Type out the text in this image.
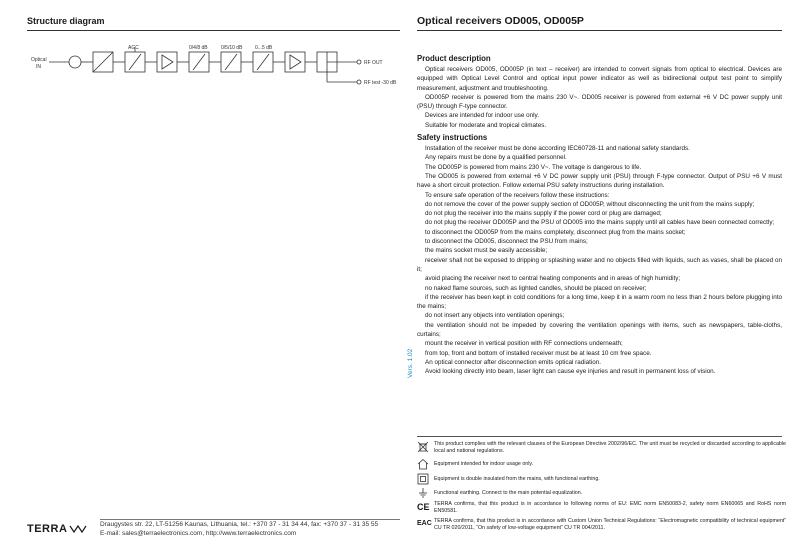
Structure diagram	Optical receivers OD005, OD005P
Optical
IN
AGC	0/4/8 dB	0/5/10 dB	0...5 dB
RF OUT
RF test -30 dB
Product description

Optical receivers OD005, OD005P (in text – receiver) are intended to convert signals from optical to electrical. Devices are equipped with Optical Level Control and optical input power indicator as well as bidirectional output test point to simplify measurement, adjustment and troubleshooting.

OD005P receiver is powered from the mains 230 V~. OD005 receiver is powered from external +6 V DC power supply unit (PSU) through F-type connector.

Devices are intended for indoor use only.

Suitable for moderate and tropical climates.

Safety instructions

Installation of the receiver must be done according IEC60728-11 and national safety standards.

Any repairs must be done by a qualified personnel.

The OD005P is powered from mains 230 V~. The voltage is dangerous to life.

The OD005 is powered from external +6 V DC power supply unit (PSU) through F-type connector. Output of PSU +6 V must have a short circuit protection. Follow external PSU safety instructions during installation.

To ensure safe operation of the receivers follow these instructions:

do not remove the cover of the power supply section of OD005P, without disconnecting the unit from the mains supply;

do not plug the receiver into the mains supply if the power cord or plug are damaged;

do not plug the receiver OD005P and the PSU of OD005 into the mains supply until all cables have been connected correctly;

to disconnect the OD005P from the mains completely, disconnect plug from the mains socket;

to disconnect the OD005, disconnect the PSU from mains;

the mains socket must be easily accessible;

receiver shall not be exposed to dripping or splashing water and no objects filled with liquids, such as vases, shall be placed on it;

avoid placing the receiver next to central heating components and in areas of high humidity;

no naked flame sources, such as lighted candles, should be placed on receiver;

if the receiver has been kept in cold conditions for a long time, keep it in a warm room no less than 2 hours before plugging into the mains;

do not insert any objects into ventilation openings;

the ventilation should not be impeded by covering the ventilation openings with items, such as newspapers, table-cloths, curtains;

mount the receiver in vertical position with RF connections underneath;

from top, front and bottom of installed receiver must be at least 10 cm free space.

An optical connector after disconnection emits optical radiation.

Avoid looking directly into beam, laser light can cause eye injuries and result in permanent loss of vision.

Vers. 1.02
This product complies with the relevant clauses of the European Directive 2002/96/EC. The unit must be recycled or discarded according to applicable local and national regulations.
Equipment intended for indoor usage only.
Equipment is double insulated from the mains, with functional earthing.
Functional earthing. Connect to the main potential equalization.
CE TERRA confirms, that this product is in accordance to following norms of EU: EMC norm EN50083-2, safety norm EN60065 and RoHS norm EN50581.
EAC TERRA confirms, that this product is in accordance with Custom Union Technical Regulations: “Electromagnetic compatibility of technical equipment” CU TR 020/2011, “On safety of low-voltage equipment” CU TR 004/2011.
TERRA	Draugystes str. 22, LT-51256 Kaunas, Lithuania, tel.: +370 37 - 31 34 44, fax: +370 37 - 31 35 55
E-mail: sales@terraelectronics.com, http://www.terraelectronics.com
